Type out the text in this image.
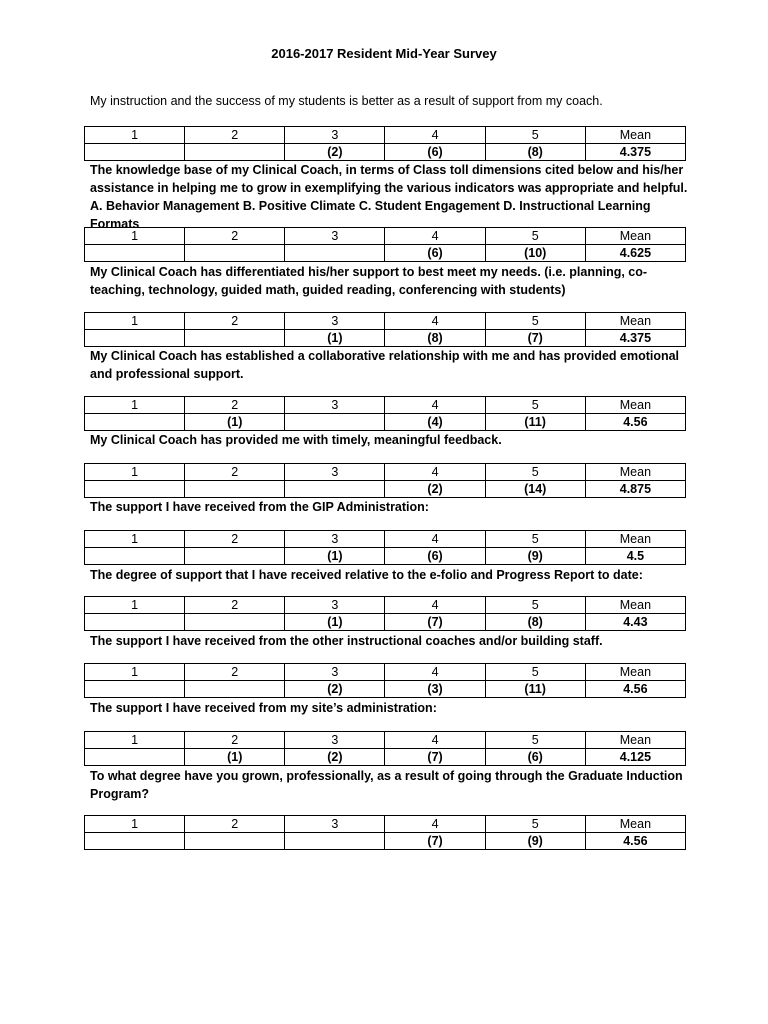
2016-2017 Resident Mid-Year Survey
My instruction and the success of my students is better as a result of support from my coach.
1	2	3	4	5	Mean
		(2)	(6)	(8)	4.375
The knowledge base of my Clinical Coach, in terms of Class toll dimensions cited below and his/her assistance in helping me to grow in exemplifying the various indicators was appropriate and helpful. A. Behavior Management B. Positive Climate C. Student Engagement D. Instructional Learning Formats
1	2	3	4	5	Mean
			(6)	(10)	4.625
My Clinical Coach has differentiated his/her support to best meet my needs. (i.e. planning, co-teaching, technology, guided math, guided reading, conferencing with students)
1	2	3	4	5	Mean
		(1)	(8)	(7)	4.375
My Clinical Coach has established a collaborative relationship with me and has provided emotional and professional support.
1	2	3	4	5	Mean
	(1)		(4)	(11)	4.56
My Clinical Coach has provided me with timely, meaningful feedback.
1	2	3	4	5	Mean
			(2)	(14)	4.875
The support I have received from the GIP Administration:
1	2	3	4	5	Mean
		(1)	(6)	(9)	4.5
The degree of support that I have received relative to the e-folio and Progress Report to date:
1	2	3	4	5	Mean
		(1)	(7)	(8)	4.43
The support I have received from the other instructional coaches and/or building staff.
1	2	3	4	5	Mean
		(2)	(3)	(11)	4.56
The support I have received from my site’s administration:
1	2	3	4	5	Mean
	(1)	(2)	(7)	(6)	4.125
To what degree have you grown, professionally, as a result of going through the Graduate Induction Program?
1	2	3	4	5	Mean
			(7)	(9)	4.56
